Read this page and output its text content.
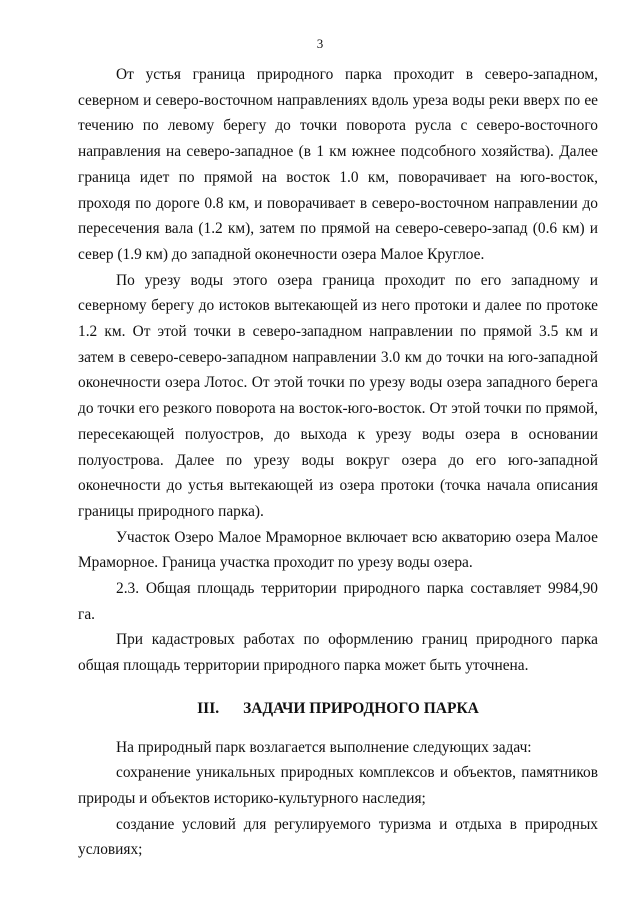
3

От устья граница природного парка проходит в северо-западном, северном и северо-восточном направлениях вдоль уреза воды реки вверх по ее течению по левому берегу до точки поворота русла с северо-восточного направления на северо-западное (в 1 км южнее подсобного хозяйства). Далее граница идет по прямой на восток 1.0 км, поворачивает на юго-восток, проходя по дороге 0.8 км, и поворачивает в северо-восточном направлении до пересечения вала (1.2 км), затем по прямой на северо-северо-запад (0.6 км) и север (1.9 км) до западной оконечности озера Малое Круглое.

По урезу воды этого озера граница проходит по его западному и северному берегу до истоков вытекающей из него протоки и далее по протоке 1.2 км. От этой точки в северо-западном направлении по прямой 3.5 км и затем в северо-северо-западном направлении 3.0 км до точки на юго-западной оконечности озера Лотос. От этой точки по урезу воды озера западного берега до точки его резкого поворота на восток-юго-восток. От этой точки по прямой, пересекающей полуостров, до выхода к урезу воды озера в основании полуострова. Далее по урезу воды вокруг озера до его юго-западной оконечности до устья вытекающей из озера протоки (точка начала описания границы природного парка).

Участок Озеро Малое Мраморное включает всю акваторию озера Малое Мраморное. Граница участка проходит по урезу воды озера.

2.3. Общая площадь территории природного парка составляет 9984,90 га.

При кадастровых работах по оформлению границ природного парка общая площадь территории природного парка может быть уточнена.

III. ЗАДАЧИ ПРИРОДНОГО ПАРКА

На природный парк возлагается выполнение следующих задач:

сохранение уникальных природных комплексов и объектов, памятников природы и объектов историко-культурного наследия;

создание условий для регулируемого туризма и отдыха в природных условиях;
